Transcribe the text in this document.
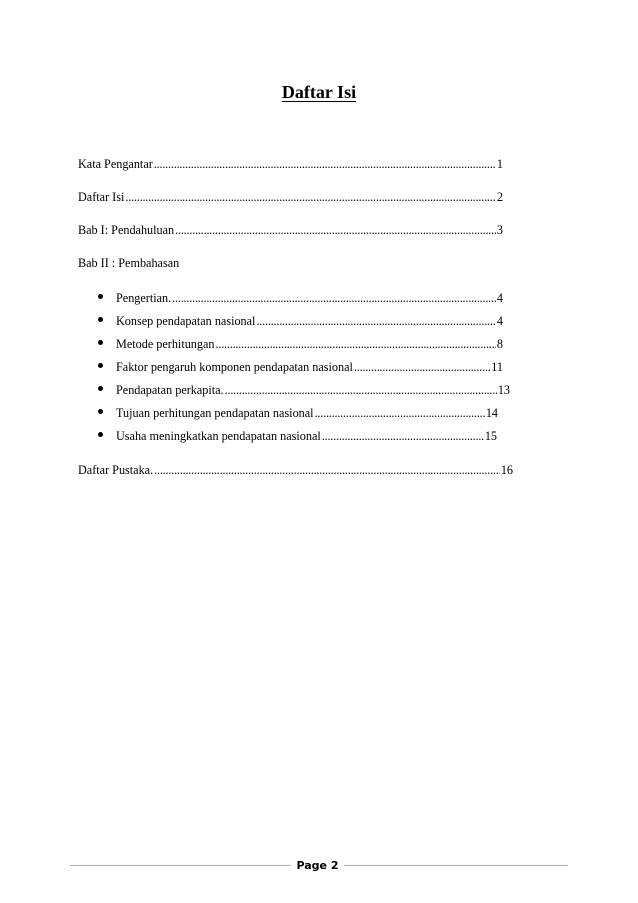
Daftar Isi
Kata Pengantar .....	1
Daftar Isi .....	2
Bab I: Pendahuluan .....	3
Bab II : Pembahasan
Pengertian. .....	4
Konsep pendapatan nasional .....	4
Metode perhitungan .....	8
Faktor pengaruh komponen pendapatan nasional .....	11
Pendapatan perkapita. .....	13
Tujuan perhitungan pendapatan nasional .....	14
Usaha meningkatkan pendapatan nasional .....	15
Daftar Pustaka. .....	16
Page 2
